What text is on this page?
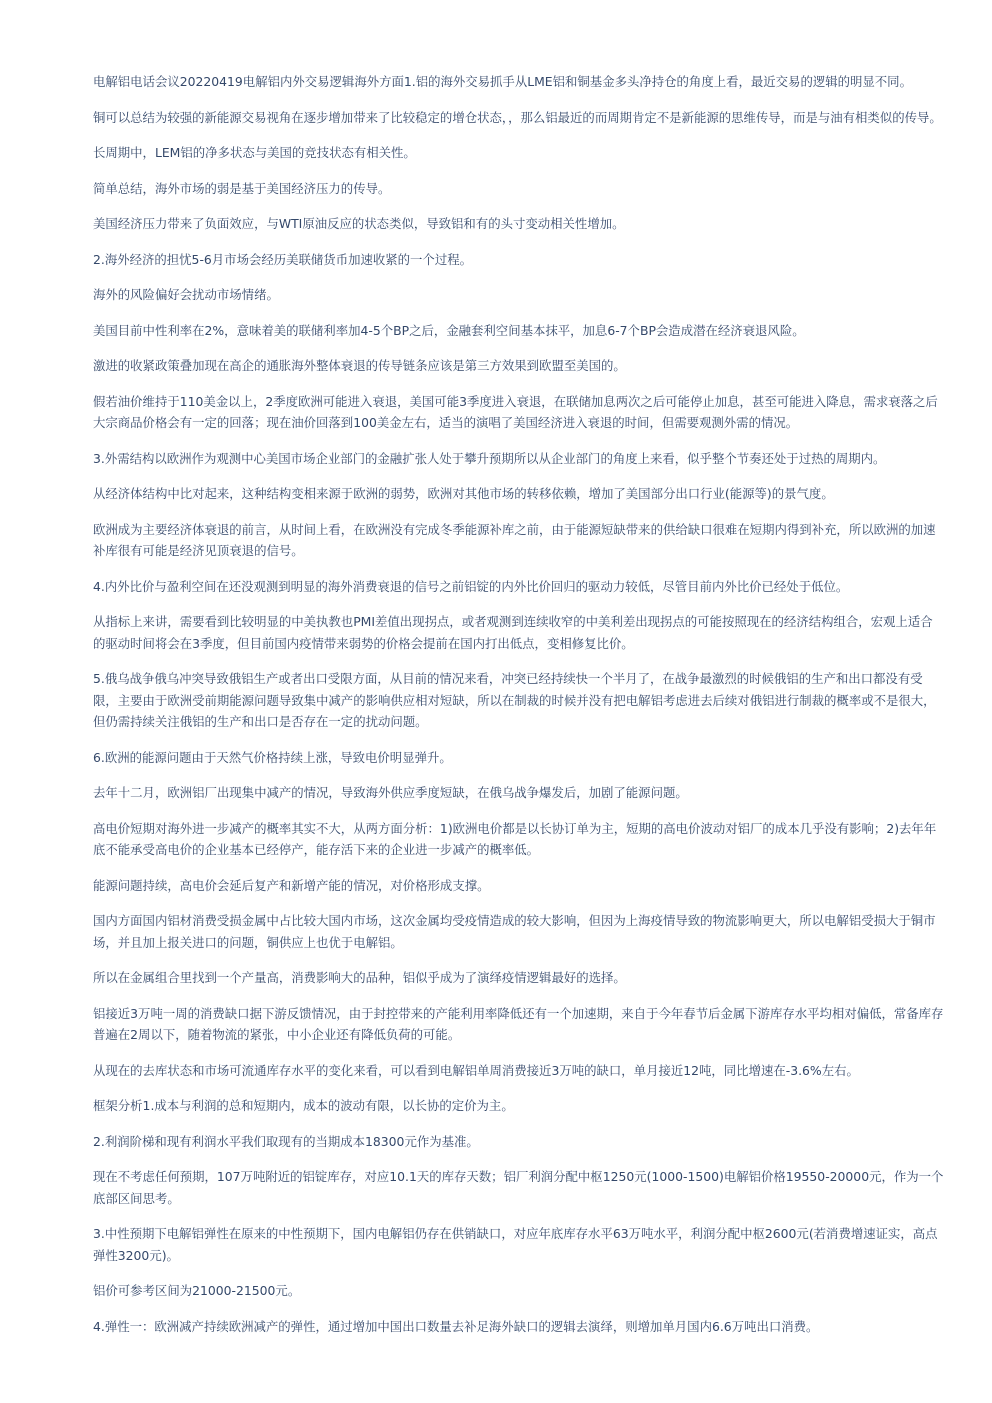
电解铝电话会议20220419电解铝内外交易逻辑海外方面1.铝的海外交易抓手从LME铝和铜基金多头净持仓的角度上看，最近交易的逻辑的明显不同。

铜可以总结为较强的新能源交易视角在逐步增加带来了比较稳定的增仓状态，，那么铝最近的而周期肯定不是新能源的思维传导，而是与油有相类似的传导。

长周期中，LEM铝的净多状态与美国的竞技状态有相关性。

简单总结，海外市场的弱是基于美国经济压力的传导。

美国经济压力带来了负面效应，与WTI原油反应的状态类似，导致铝和有的头寸变动相关性增加。

2.海外经济的担忧5-6月市场会经历美联储货币加速收紧的一个过程。

海外的风险偏好会扰动市场情绪。

美国目前中性利率在2%，意味着美的联储利率加4-5个BP之后，金融套利空间基本抹平，加息6-7个BP会造成潜在经济衰退风险。

激进的收紧政策叠加现在高企的通胀海外整体衰退的传导链条应该是第三方效果到欧盟至美国的。

假若油价维持于110美金以上，2季度欧洲可能进入衰退，美国可能3季度进入衰退，在联储加息两次之后可能停止加息，甚至可能进入降息，需求衰落之后大宗商品价格会有一定的回落；现在油价回落到100美金左右，适当的演唱了美国经济进入衰退的时间，但需要观测外需的情况。

3.外需结构以欧洲作为观测中心美国市场企业部门的金融扩张人处于攀升预期所以从企业部门的角度上来看，似乎整个节奏还处于过热的周期内。

从经济体结构中比对起来，这种结构变相来源于欧洲的弱势，欧洲对其他市场的转移依赖，增加了美国部分出口行业(能源等)的景气度。

欧洲成为主要经济体衰退的前言，从时间上看，在欧洲没有完成冬季能源补库之前，由于能源短缺带来的供给缺口很难在短期内得到补充，所以欧洲的加速补库很有可能是经济见顶衰退的信号。

4.内外比价与盈利空间在还没观测到明显的海外消费衰退的信号之前铝锭的内外比价回归的驱动力较低，尽管目前内外比价已经处于低位。

从指标上来讲，需要看到比较明显的中美执教也PMI差值出现拐点，或者观测到连续收窄的中美利差出现拐点的可能按照现在的经济结构组合，宏观上适合的驱动时间将会在3季度，但目前国内疫情带来弱势的价格会提前在国内打出低点，变相修复比价。

5.俄乌战争俄乌冲突导致俄铝生产或者出口受限方面，从目前的情况来看，冲突已经持续快一个半月了，在战争最激烈的时候俄铝的生产和出口都没有受限，主要由于欧洲受前期能源问题导致集中减产的影响供应相对短缺，所以在制裁的时候并没有把电解铝考虑进去后续对俄铝进行制裁的概率或不是很大，但仍需持续关注俄铝的生产和出口是否存在一定的扰动问题。

6.欧洲的能源问题由于天然气价格持续上涨，导致电价明显弹升。

去年十二月，欧洲铝厂出现集中减产的情况，导致海外供应季度短缺，在俄乌战争爆发后，加剧了能源问题。

高电价短期对海外进一步减产的概率其实不大，从两方面分析：1)欧洲电价都是以长协订单为主，短期的高电价波动对铝厂的成本几乎没有影响；2)去年年底不能承受高电价的企业基本已经停产，能存活下来的企业进一步减产的概率低。

能源问题持续，高电价会延后复产和新增产能的情况，对价格形成支撑。

国内方面国内铝材消费受损金属中占比较大国内市场，这次金属均受疫情造成的较大影响，但因为上海疫情导致的物流影响更大，所以电解铝受损大于铜市场，并且加上报关进口的问题，铜供应上也优于电解铝。

所以在金属组合里找到一个产量高，消费影响大的品种，铝似乎成为了演绎疫情逻辑最好的选择。

铝接近3万吨一周的消费缺口据下游反馈情况，由于封控带来的产能利用率降低还有一个加速期，来自于今年春节后金属下游库存水平均相对偏低，常备库存普遍在2周以下，随着物流的紧张，中小企业还有降低负荷的可能。

从现在的去库状态和市场可流通库存水平的变化来看，可以看到电解铝单周消费接近3万吨的缺口，单月接近12吨，同比增速在-3.6%左右。

框架分析1.成本与利润的总和短期内，成本的波动有限，以长协的定价为主。

2.利润阶梯和现有利润水平我们取现有的当期成本18300元作为基准。

现在不考虑任何预期，107万吨附近的铝锭库存，对应10.1天的库存天数；铝厂利润分配中枢1250元(1000-1500)电解铝价格19550-20000元，作为一个底部区间思考。

3.中性预期下电解铝弹性在原来的中性预期下，国内电解铝仍存在供销缺口，对应年底库存水平63万吨水平，利润分配中枢2600元(若消费增速证实，高点弹性3200元)。

铝价可参考区间为21000-21500元。

4.弹性一：欧洲减产持续欧洲减产的弹性，通过增加中国出口数量去补足海外缺口的逻辑去演绎，则增加单月国内6.6万吨出口消费。
